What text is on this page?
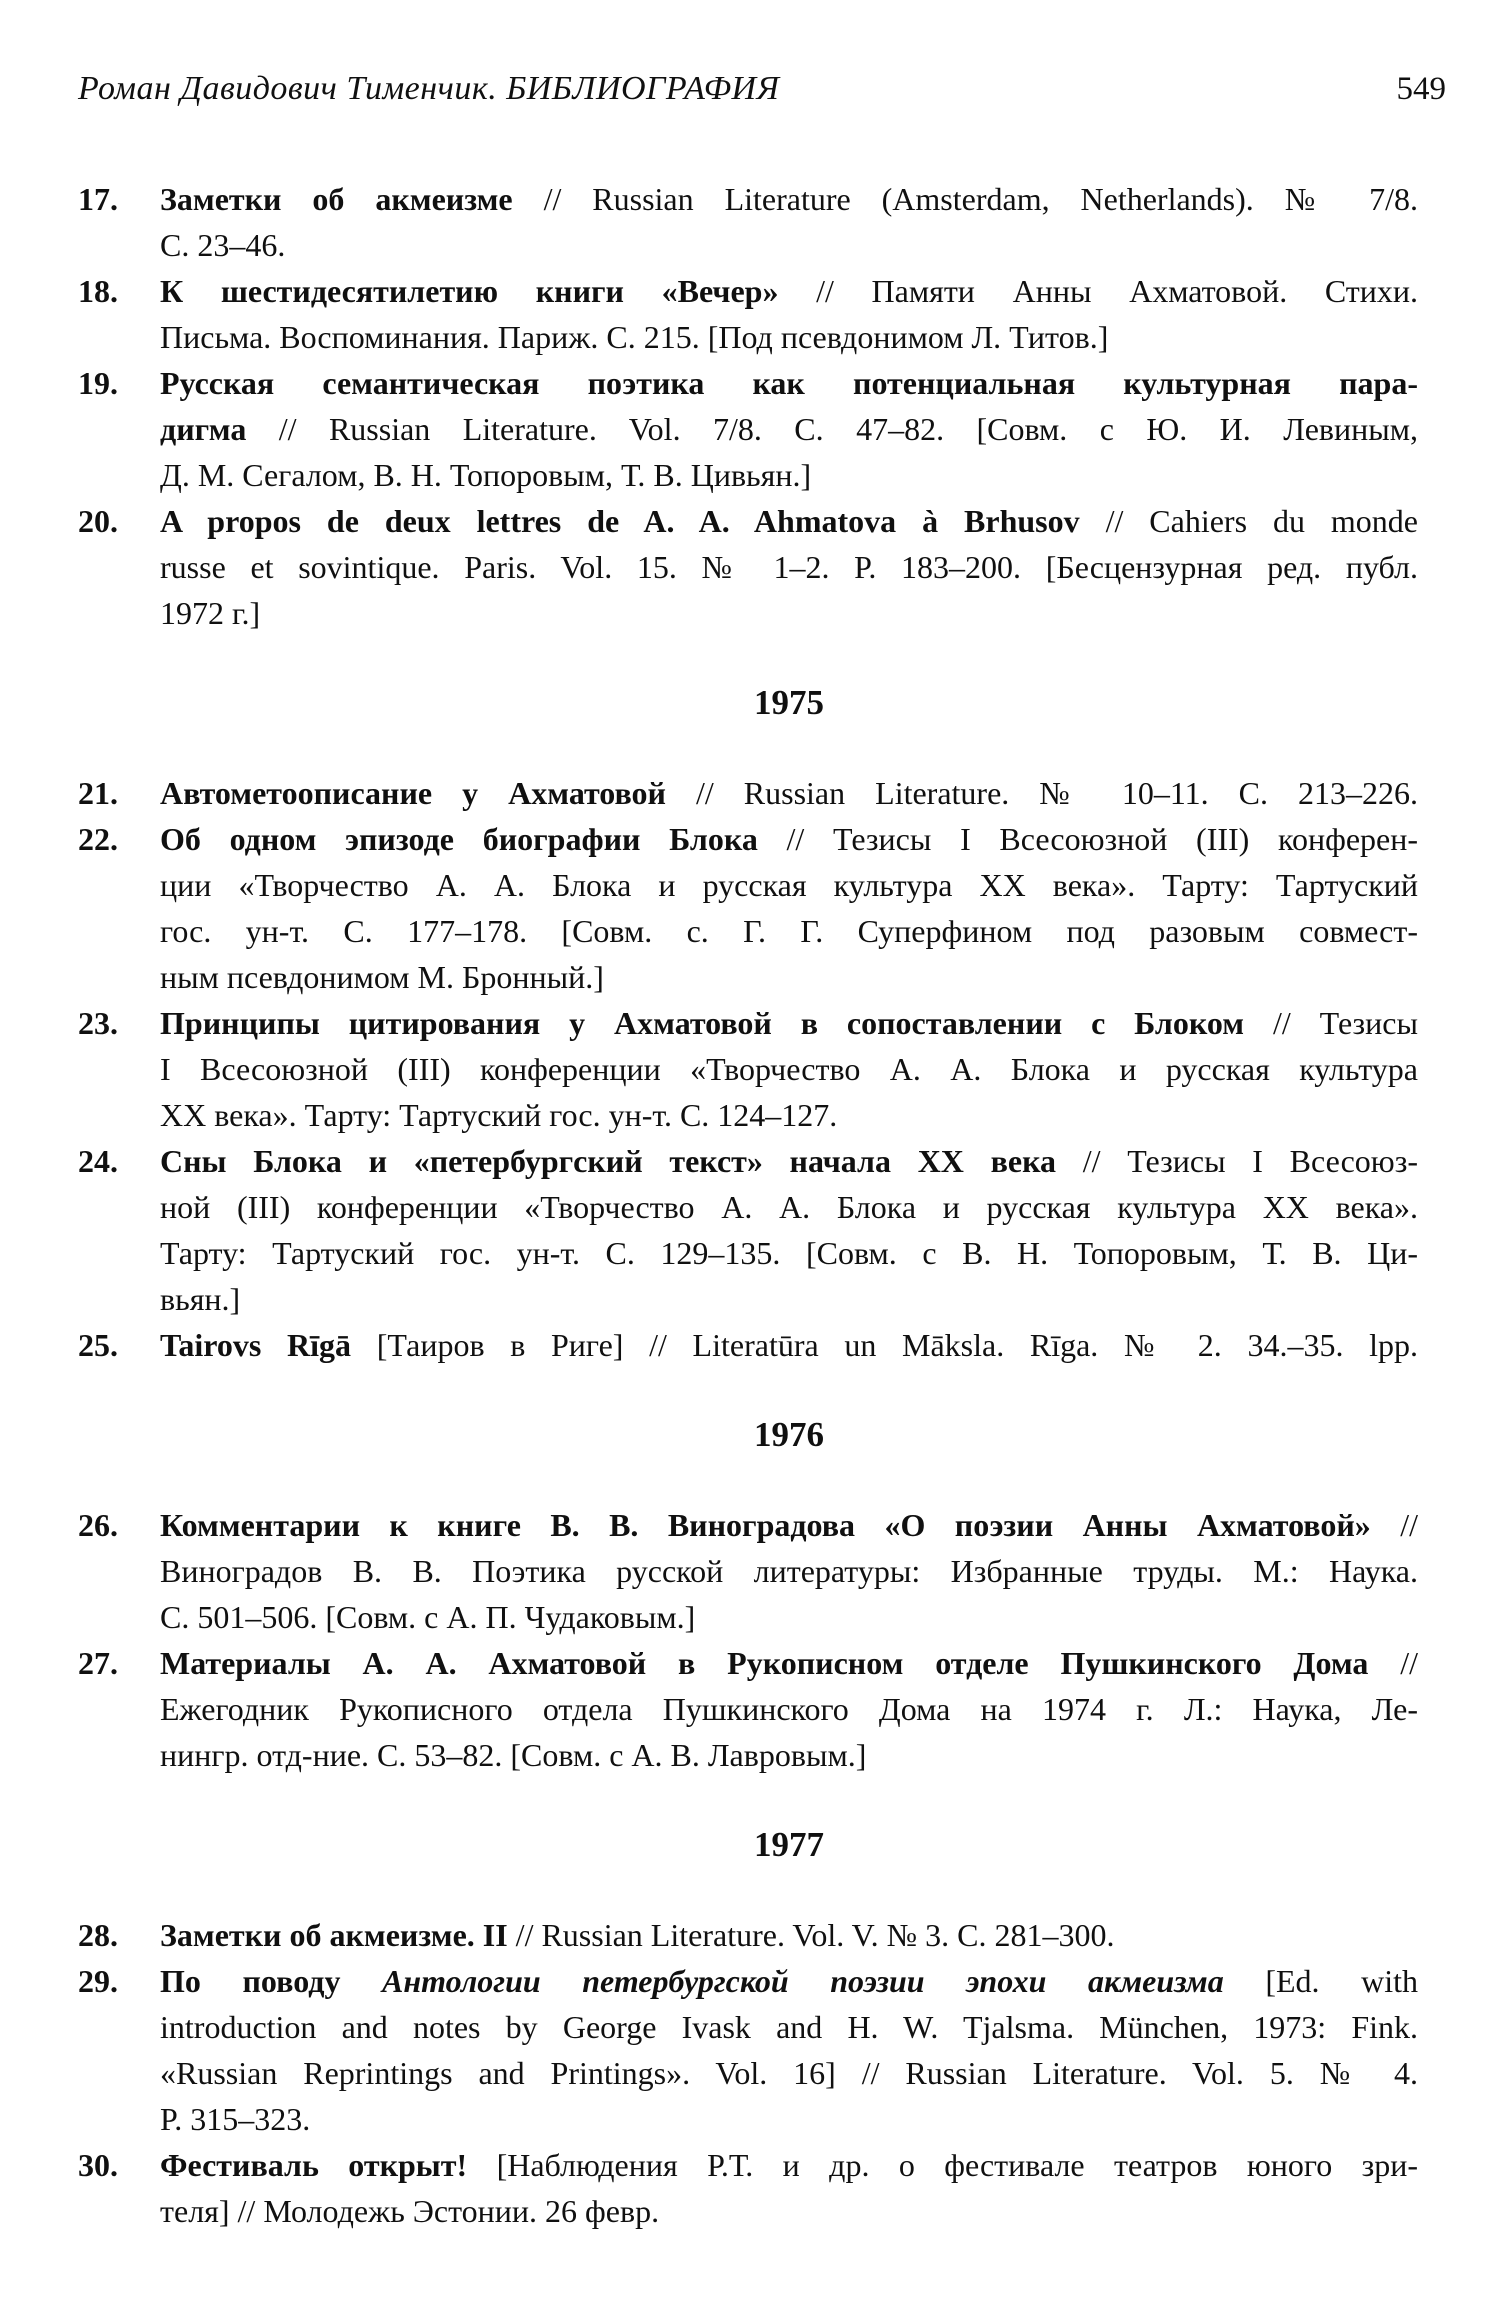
Роман Давидович Тименчик. БИБЛИОГРАФИЯ	549
17.	Заметки об акмеизме // Russian Literature (Amsterdam, Netherlands). № 7/8.
С. 23–46.
18.	К шестидесятилетию книги «Вечер» // Памяти Анны Ахматовой. Стихи.
Письма. Воспоминания. Париж. С. 215. [Под псевдонимом Л. Титов.]
19.	Русская семантическая поэтика как потенциальная культурная пара-
дигма // Russian Literature. Vol. 7/8. С. 47–82. [Совм. с Ю. И. Левиным,
Д. М. Сегалом, В. Н. Топоровым, Т. В. Цивьян.]
20.	A propos de deux lettres de A. A. Ahmatova à Brhusov // Cahiers du monde
russe et sovintique. Paris. Vol. 15. № 1–2. P. 183–200. [Бесцензурная ред. публ.
1972 г.]
1975
21.	Автометоописание у Ахматовой // Russian Literature. № 10–11. С. 213–226.
22.	Об одном эпизоде биографии Блока // Тезисы I Всесоюзной (III) конферен-
ции «Творчество А. А. Блока и русская культура XX века». Тарту: Тартуский
гос. ун-т. С. 177–178. [Совм. с. Г. Г. Суперфином под разовым совмест-
ным псевдонимом М. Бронный.]
23.	Принципы цитирования у Ахматовой в сопоставлении с Блоком // Тезисы
I Всесоюзной (III) конференции «Творчество А. А. Блока и русская культура
XX века». Тарту: Тартуский гос. ун-т. С. 124–127.
24.	Сны Блока и «петербургский текст» начала XX века // Тезисы I Всесоюз-
ной (III) конференции «Творчество А. А. Блока и русская культура XX века».
Тарту: Тартуский гос. ун-т. С. 129–135. [Совм. с В. Н. Топоровым, Т. В. Ци-
вьян.]
25.	Tairovs Rīgā [Таиров в Риге] // Literatūra un Māksla. Rīga. № 2. 34.–35. lpp.
1976
26.	Комментарии к книге В. В. Виноградова «О поэзии Анны Ахматовой» //
Виноградов В. В. Поэтика русской литературы: Избранные труды. М.: Наука.
С. 501–506. [Совм. с А. П. Чудаковым.]
27.	Материалы А. А. Ахматовой в Рукописном отделе Пушкинского Дома //
Ежегодник Рукописного отдела Пушкинского Дома на 1974 г. Л.: Наука, Ле-
нингр. отд-ние. С. 53–82. [Совм. с А. В. Лавровым.]
1977
28.	Заметки об акмеизме. II // Russian Literature. Vol. V. № 3. С. 281–300.
29.	По поводу Антологии петербургской поэзии эпохи акмеизма [Ed. with
introduction and notes by George Ivask and H. W. Tjalsma. München, 1973: Fink.
«Russian Reprintings and Printings». Vol. 16] // Russian Literature. Vol. 5. № 4.
P. 315–323.
30.	Фестиваль открыт! [Наблюдения Р.Т. и др. о фестивале театров юного зри-
теля] // Молодежь Эстонии. 26 февр.
